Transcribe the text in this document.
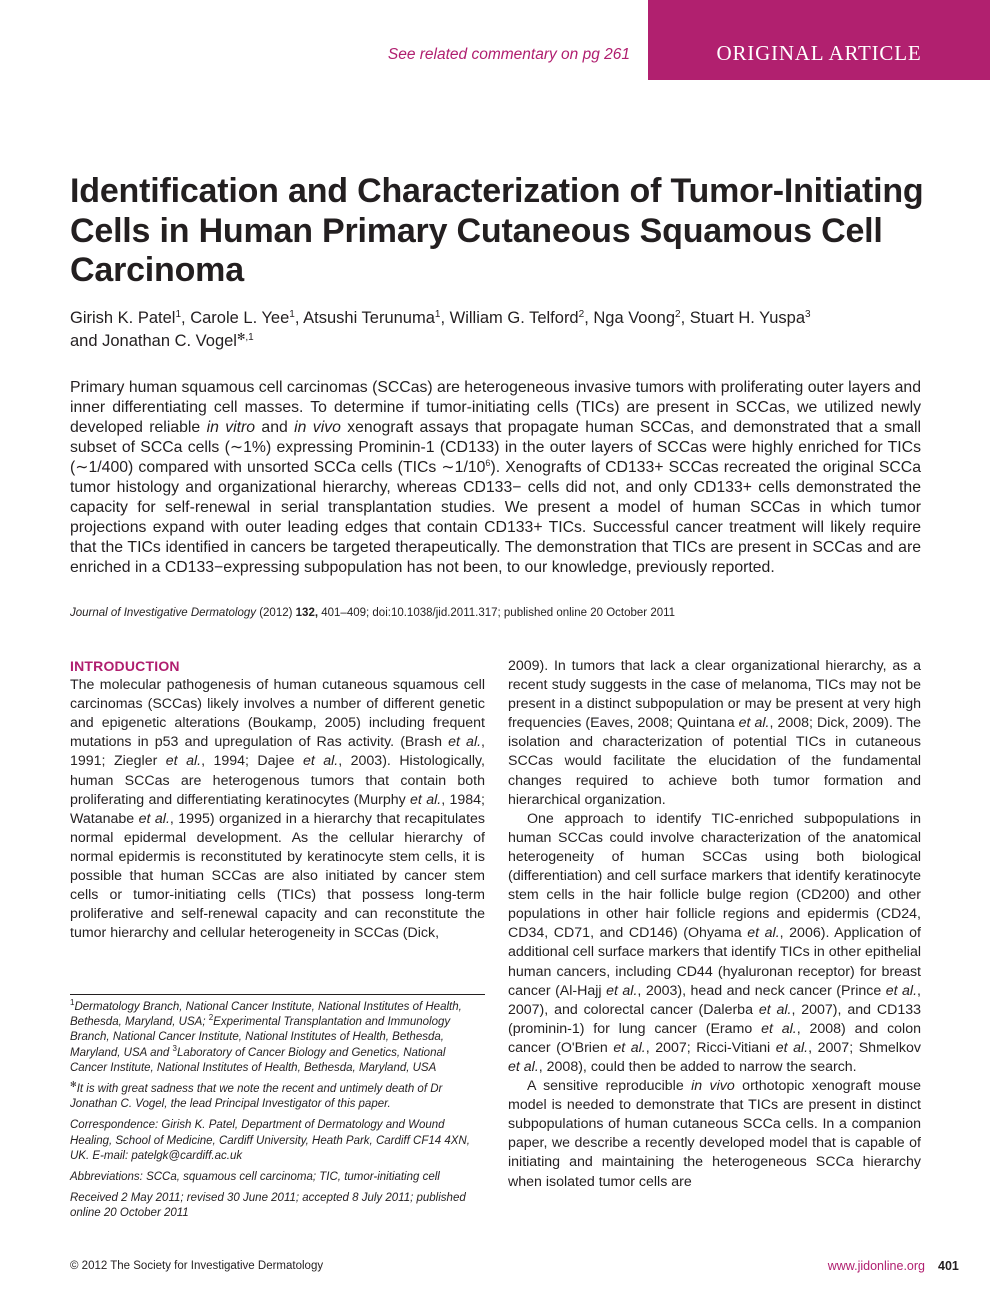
See related commentary on pg 261	ORIGINAL ARTICLE
Identification and Characterization of Tumor-Initiating Cells in Human Primary Cutaneous Squamous Cell Carcinoma
Girish K. Patel$^1$, Carole L. Yee$^1$, Atsushi Terunuma$^1$, William G. Telford$^2$, Nga Voong$^2$, Stuart H. Yuspa$^3$
and Jonathan C. Vogel$^{✻,1}$

Primary human squamous cell carcinomas (SCCas) are heterogeneous invasive tumors with proliferating outer layers and inner differentiating cell masses. To determine if tumor-initiating cells (TICs) are present in SCCas, we utilized newly developed reliable in vitro and in vivo xenograft assays that propagate human SCCas, and demonstrated that a small subset of SCCa cells (∼1%) expressing Prominin-1 (CD133) in the outer layers of SCCas were highly enriched for TICs (∼1/400) compared with unsorted SCCa cells (TICs $\sim 1/10^6$). Xenografts of CD133+ SCCas recreated the original SCCa tumor histology and organizational hierarchy, whereas CD133− cells did not, and only CD133+ cells demonstrated the capacity for self-renewal in serial transplantation studies. We present a model of human SCCas in which tumor projections expand with outer leading edges that contain CD133+ TICs. Successful cancer treatment will likely require that the TICs identified in cancers be targeted therapeutically. The demonstration that TICs are present in SCCas and are enriched in a CD133−expressing subpopulation has not been, to our knowledge, previously reported.

Journal of Investigative Dermatology (2012) 132, 401–409; doi:10.1038/jid.2011.317; published online 20 October 2011
INTRODUCTION

The molecular pathogenesis of human cutaneous squamous cell carcinomas (SCCas) likely involves a number of different genetic and epigenetic alterations (Boukamp, 2005) including frequent mutations in p53 and upregulation of Ras activity. (Brash et al., 1991; Ziegler et al., 1994; Dajee et al., 2003). Histologically, human SCCas are heterogenous tumors that contain both proliferating and differentiating keratinocytes (Murphy et al., 1984; Watanabe et al., 1995) organized in a hierarchy that recapitulates normal epidermal development. As the cellular hierarchy of normal epidermis is reconstituted by keratinocyte stem cells, it is possible that human SCCas are also initiated by cancer stem cells or tumor-initiating cells (TICs) that possess long-term proliferative and self-renewal capacity and can reconstitute the tumor hierarchy and cellular heterogeneity in SCCas (Dick,

2009). In tumors that lack a clear organizational hierarchy, as a recent study suggests in the case of melanoma, TICs may not be present in a distinct subpopulation or may be present at very high frequencies (Eaves, 2008; Quintana et al., 2008; Dick, 2009). The isolation and characterization of potential TICs in cutaneous SCCas would facilitate the elucidation of the fundamental changes required to achieve both tumor formation and hierarchical organization.

One approach to identify TIC-enriched subpopulations in human SCCas could involve characterization of the anatomical heterogeneity of human SCCas using both biological (differentiation) and cell surface markers that identify keratinocyte stem cells in the hair follicle bulge region (CD200) and other populations in other hair follicle regions and epidermis (CD24, CD34, CD71, and CD146) (Ohyama et al., 2006). Application of additional cell surface markers that identify TICs in other epithelial human cancers, including CD44 (hyaluronan receptor) for breast cancer (Al-Hajj et al., 2003), head and neck cancer (Prince et al., 2007), and colorectal cancer (Dalerba et al., 2007), and CD133 (prominin-1) for lung cancer (Eramo et al., 2008) and colon cancer (O'Brien et al., 2007; Ricci-Vitiani et al., 2007; Shmelkov et al., 2008), could then be added to narrow the search.

A sensitive reproducible in vivo orthotopic xenograft mouse model is needed to demonstrate that TICs are present in distinct subpopulations of human cutaneous SCCa cells. In a companion paper, we describe a recently developed model that is capable of initiating and maintaining the heterogeneous SCCa hierarchy when isolated tumor cells are

$^1$Dermatology Branch, National Cancer Institute, National Institutes of Health, Bethesda, Maryland, USA; $^2$Experimental Transplantation and Immunology Branch, National Cancer Institute, National Institutes of Health, Bethesda, Maryland, USA and $^3$Laboratory of Cancer Biology and Genetics, National Cancer Institute, National Institutes of Health, Bethesda, Maryland, USA

✻It is with great sadness that we note the recent and untimely death of Dr Jonathan C. Vogel, the lead Principal Investigator of this paper.

Correspondence: Girish K. Patel, Department of Dermatology and Wound Healing, School of Medicine, Cardiff University, Heath Park, Cardiff CF14 4XN, UK. E-mail: patelgk@cardiff.ac.uk

Abbreviations: SCCa, squamous cell carcinoma; TIC, tumor-initiating cell

Received 2 May 2011; revised 30 June 2011; accepted 8 July 2011; published online 20 October 2011

© 2012 The Society for Investigative Dermatology	www.jidonline.org 401
